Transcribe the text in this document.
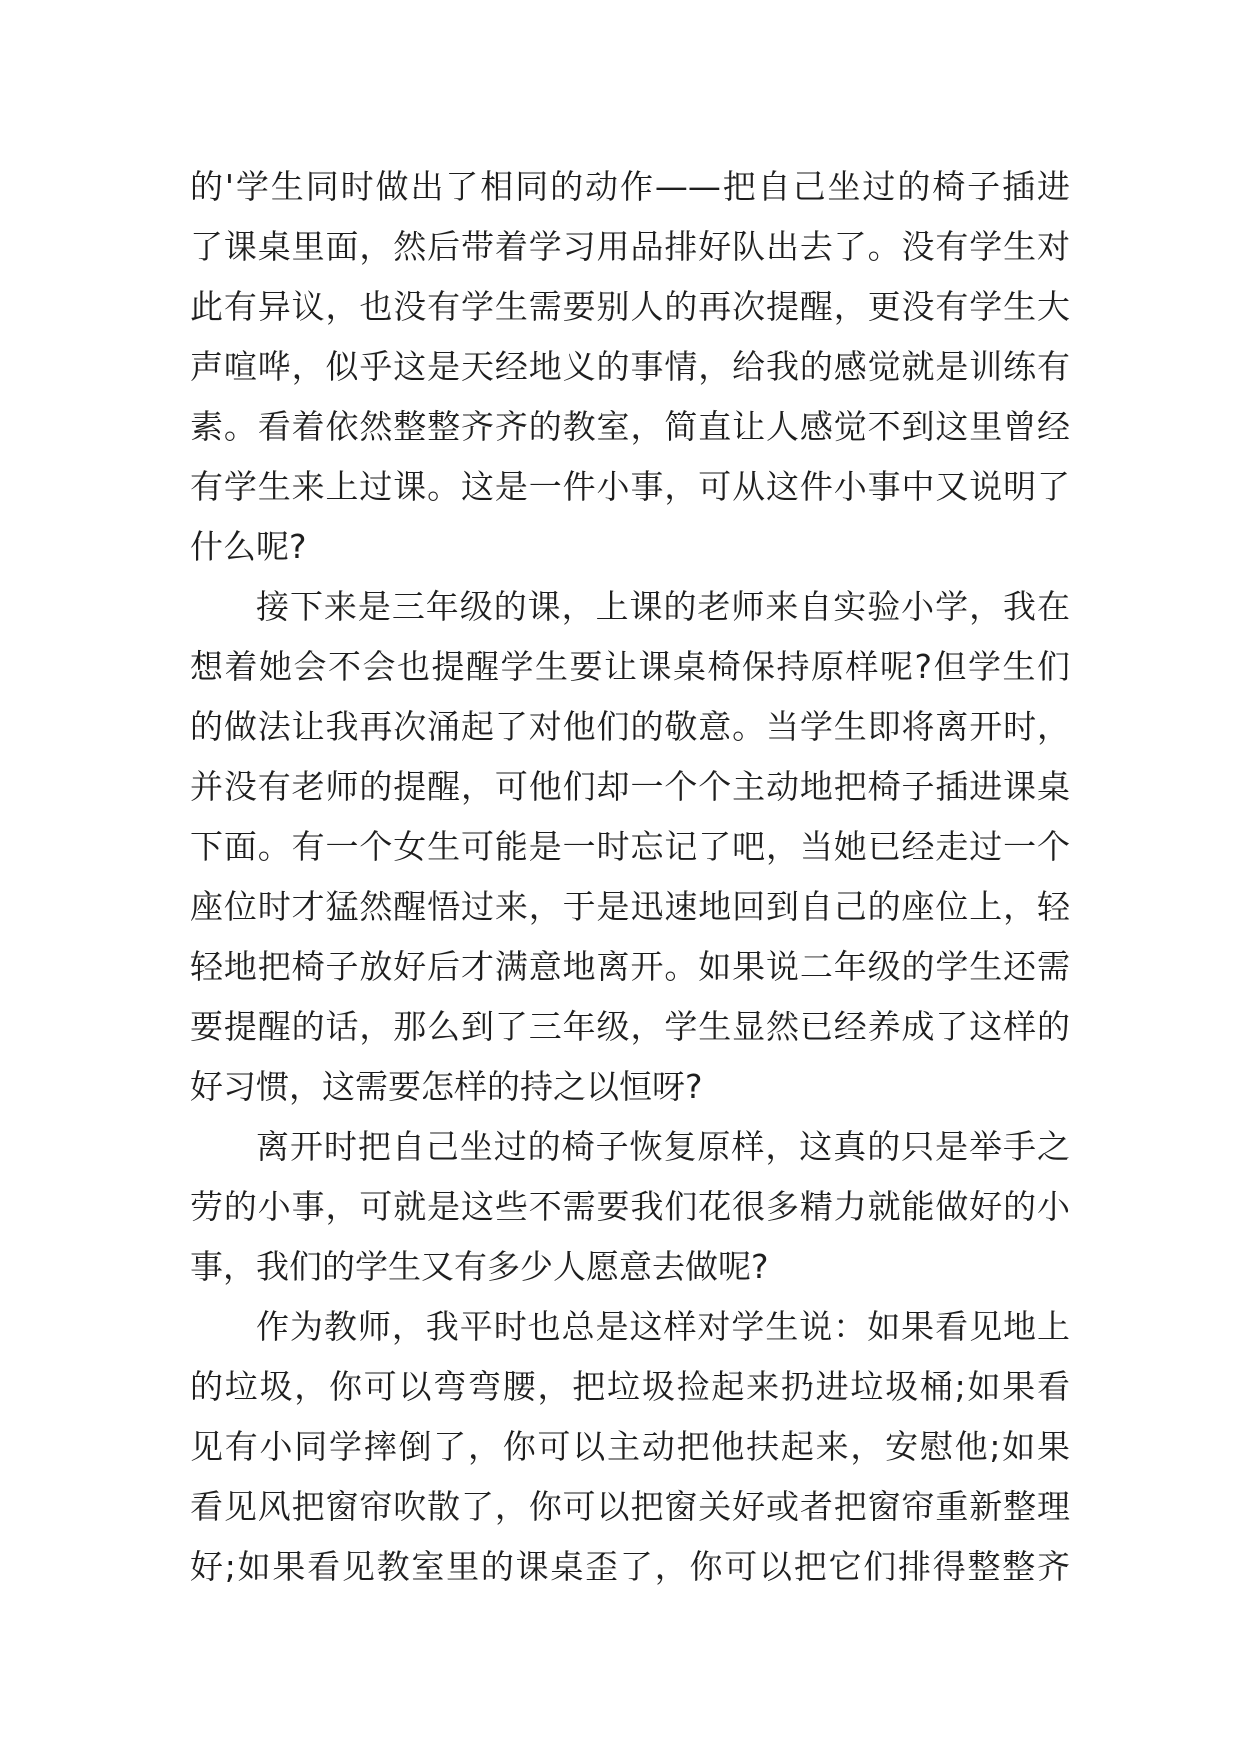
的'学生同时做出了相同的动作——把自己坐过的椅子插进
了课桌里面，然后带着学习用品排好队出去了。没有学生对
此有异议，也没有学生需要别人的再次提醒，更没有学生大
声喧哗，似乎这是天经地义的事情，给我的感觉就是训练有
素。看着依然整整齐齐的教室，简直让人感觉不到这里曾经
有学生来上过课。这是一件小事，可从这件小事中又说明了
什么呢?
接下来是三年级的课，上课的老师来自实验小学，我在
想着她会不会也提醒学生要让课桌椅保持原样呢?但学生们
的做法让我再次涌起了对他们的敬意。当学生即将离开时，
并没有老师的提醒，可他们却一个个主动地把椅子插进课桌
下面。有一个女生可能是一时忘记了吧，当她已经走过一个
座位时才猛然醒悟过来，于是迅速地回到自己的座位上，轻
轻地把椅子放好后才满意地离开。如果说二年级的学生还需
要提醒的话，那么到了三年级，学生显然已经养成了这样的
好习惯，这需要怎样的持之以恒呀?
离开时把自己坐过的椅子恢复原样，这真的只是举手之
劳的小事，可就是这些不需要我们花很多精力就能做好的小
事，我们的学生又有多少人愿意去做呢?
作为教师，我平时也总是这样对学生说：如果看见地上
的垃圾，你可以弯弯腰，把垃圾捡起来扔进垃圾桶;如果看
见有小同学摔倒了，你可以主动把他扶起来，安慰他;如果
看见风把窗帘吹散了，你可以把窗关好或者把窗帘重新整理
好;如果看见教室里的课桌歪了，你可以把它们排得整整齐
